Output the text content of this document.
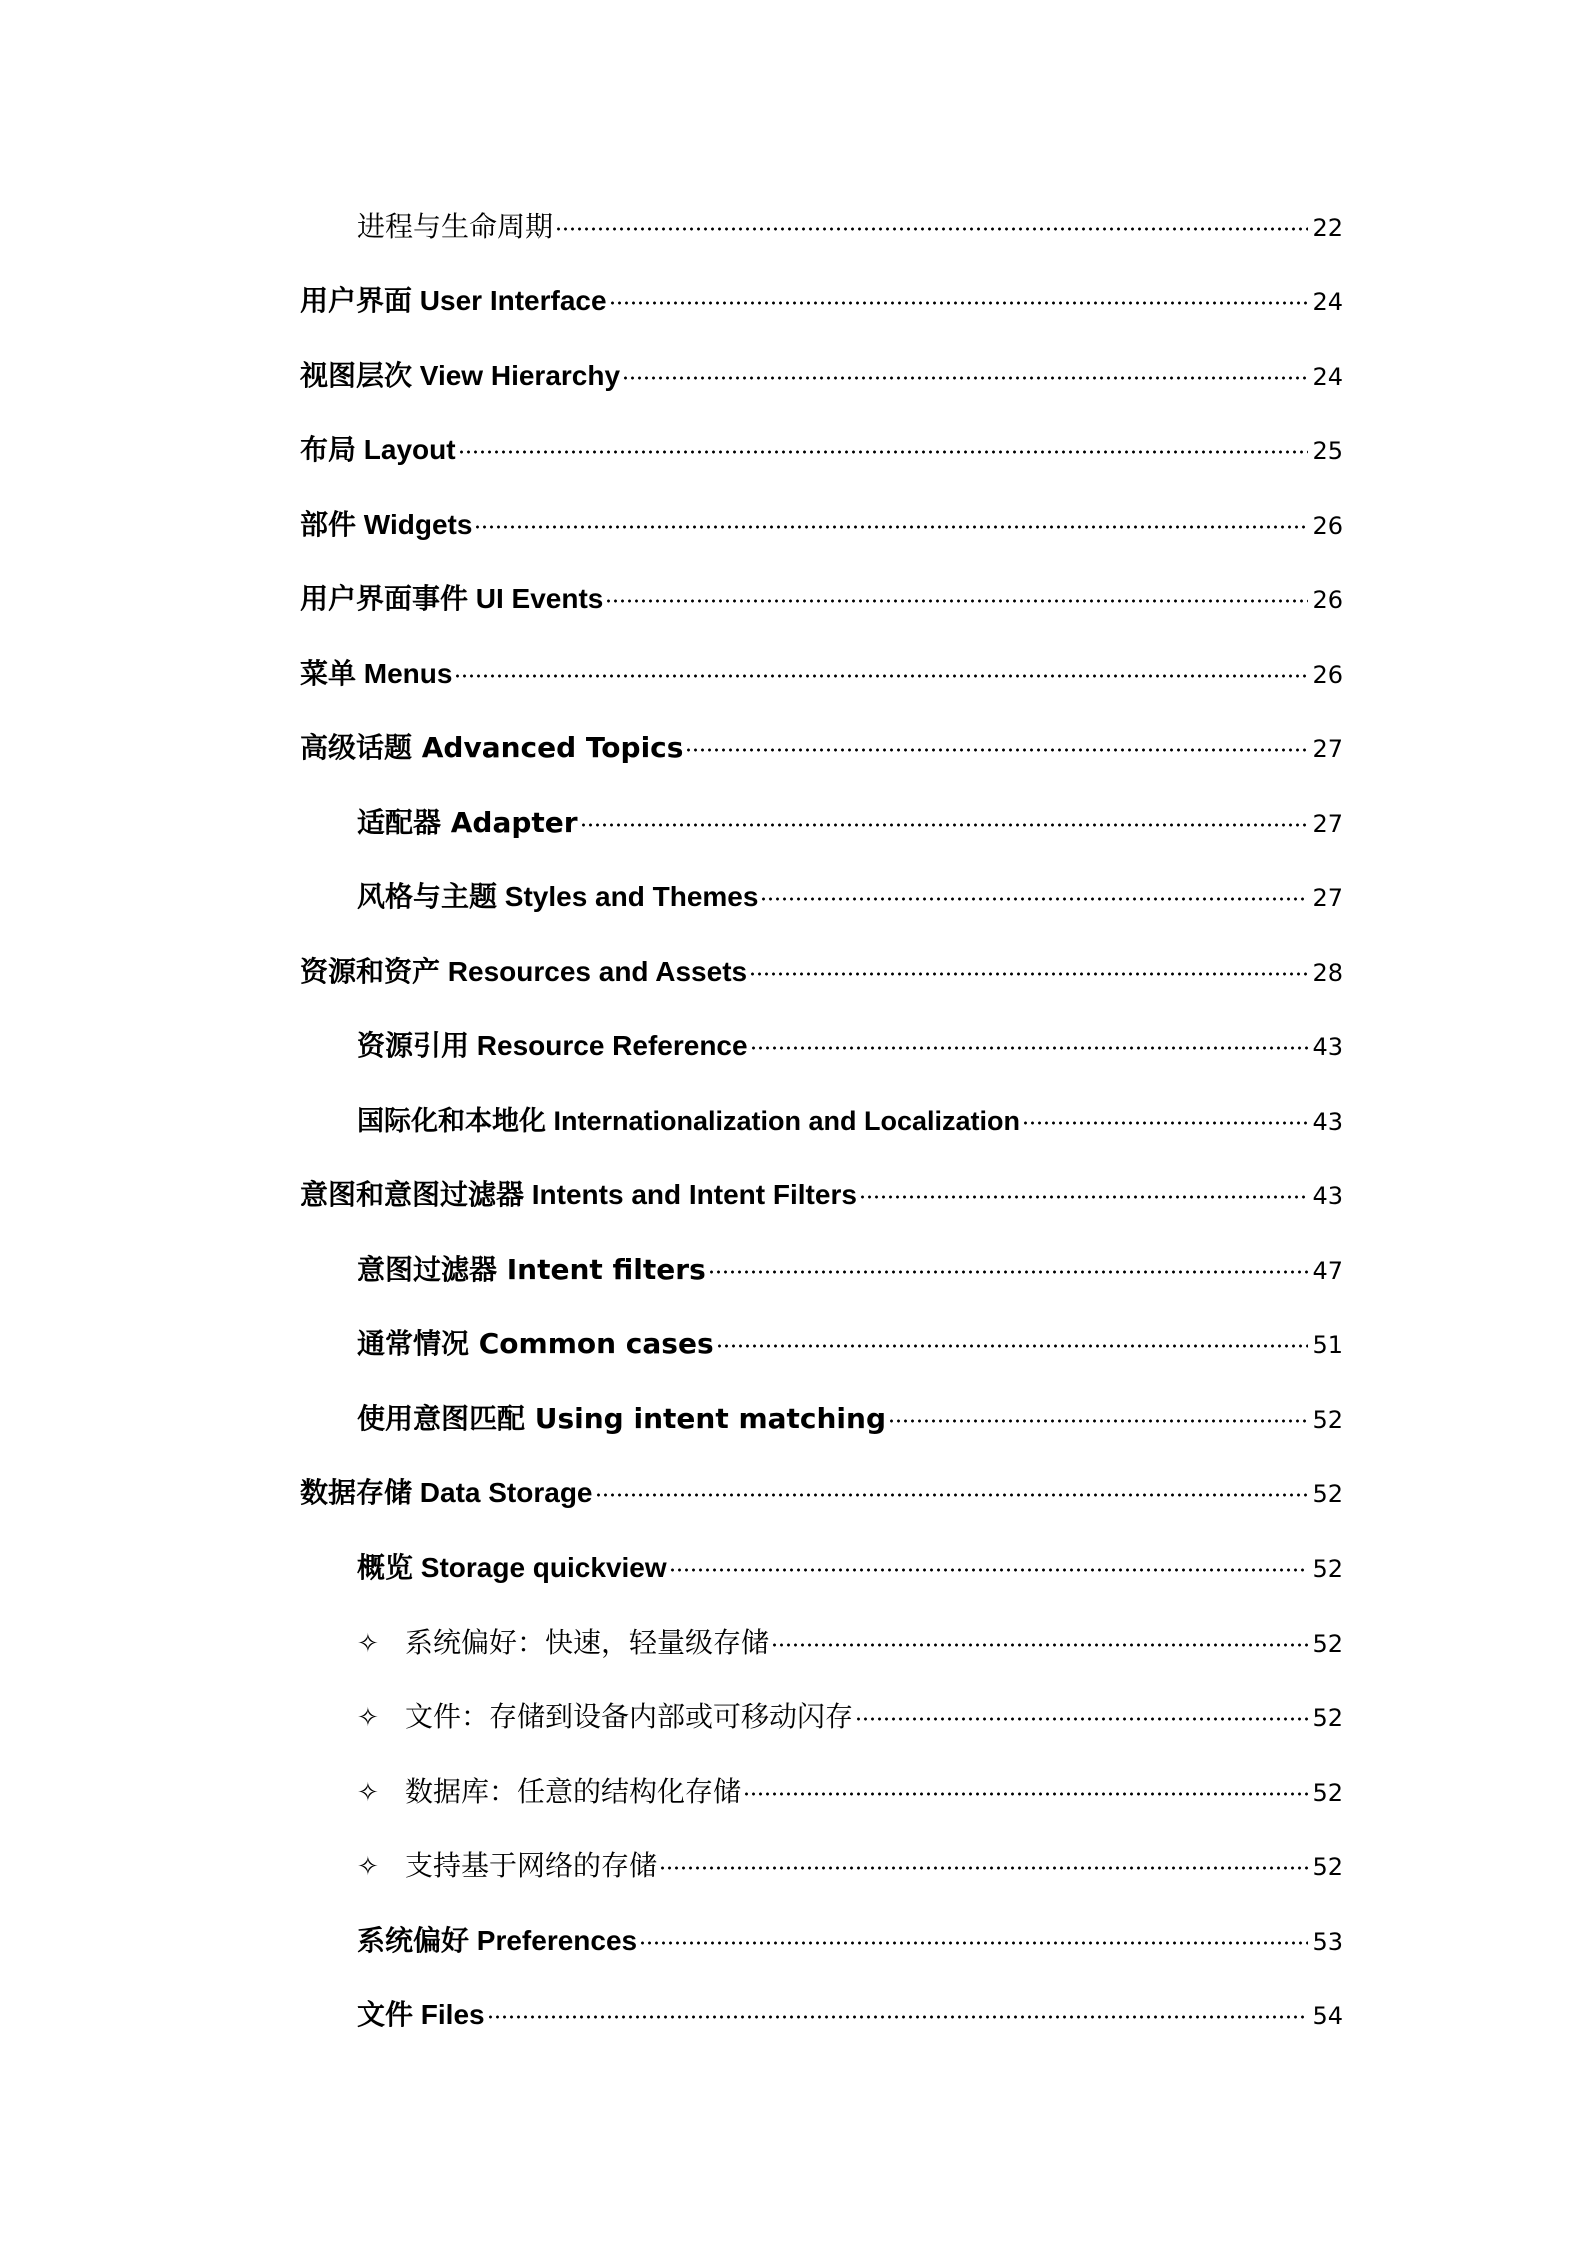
进程与生命周期	22
用户界面 User Interface	24
视图层次 View Hierarchy	24
布局 Layout	25
部件 Widgets	26
用户界面事件 UI Events	26
菜单 Menus	26
高级话题 Advanced Topics	27
适配器 Adapter	27
风格与主题 Styles and Themes	27
资源和资产 Resources and Assets	28
资源引用 Resource Reference	43
国际化和本地化 Internationalization and Localization	43
意图和意图过滤器 Intents and Intent Filters	43
意图过滤器 Intent filters	47
通常情况 Common cases	51
使用意图匹配 Using intent matching	52
数据存储 Data Storage	52
概览 Storage quickview	52
✧ 系统偏好：快速，轻量级存储	52
✧ 文件：存储到设备内部或可移动闪存	52
✧ 数据库：任意的结构化存储	52
✧ 支持基于网络的存储	52
系统偏好 Preferences	53
文件 Files	54
